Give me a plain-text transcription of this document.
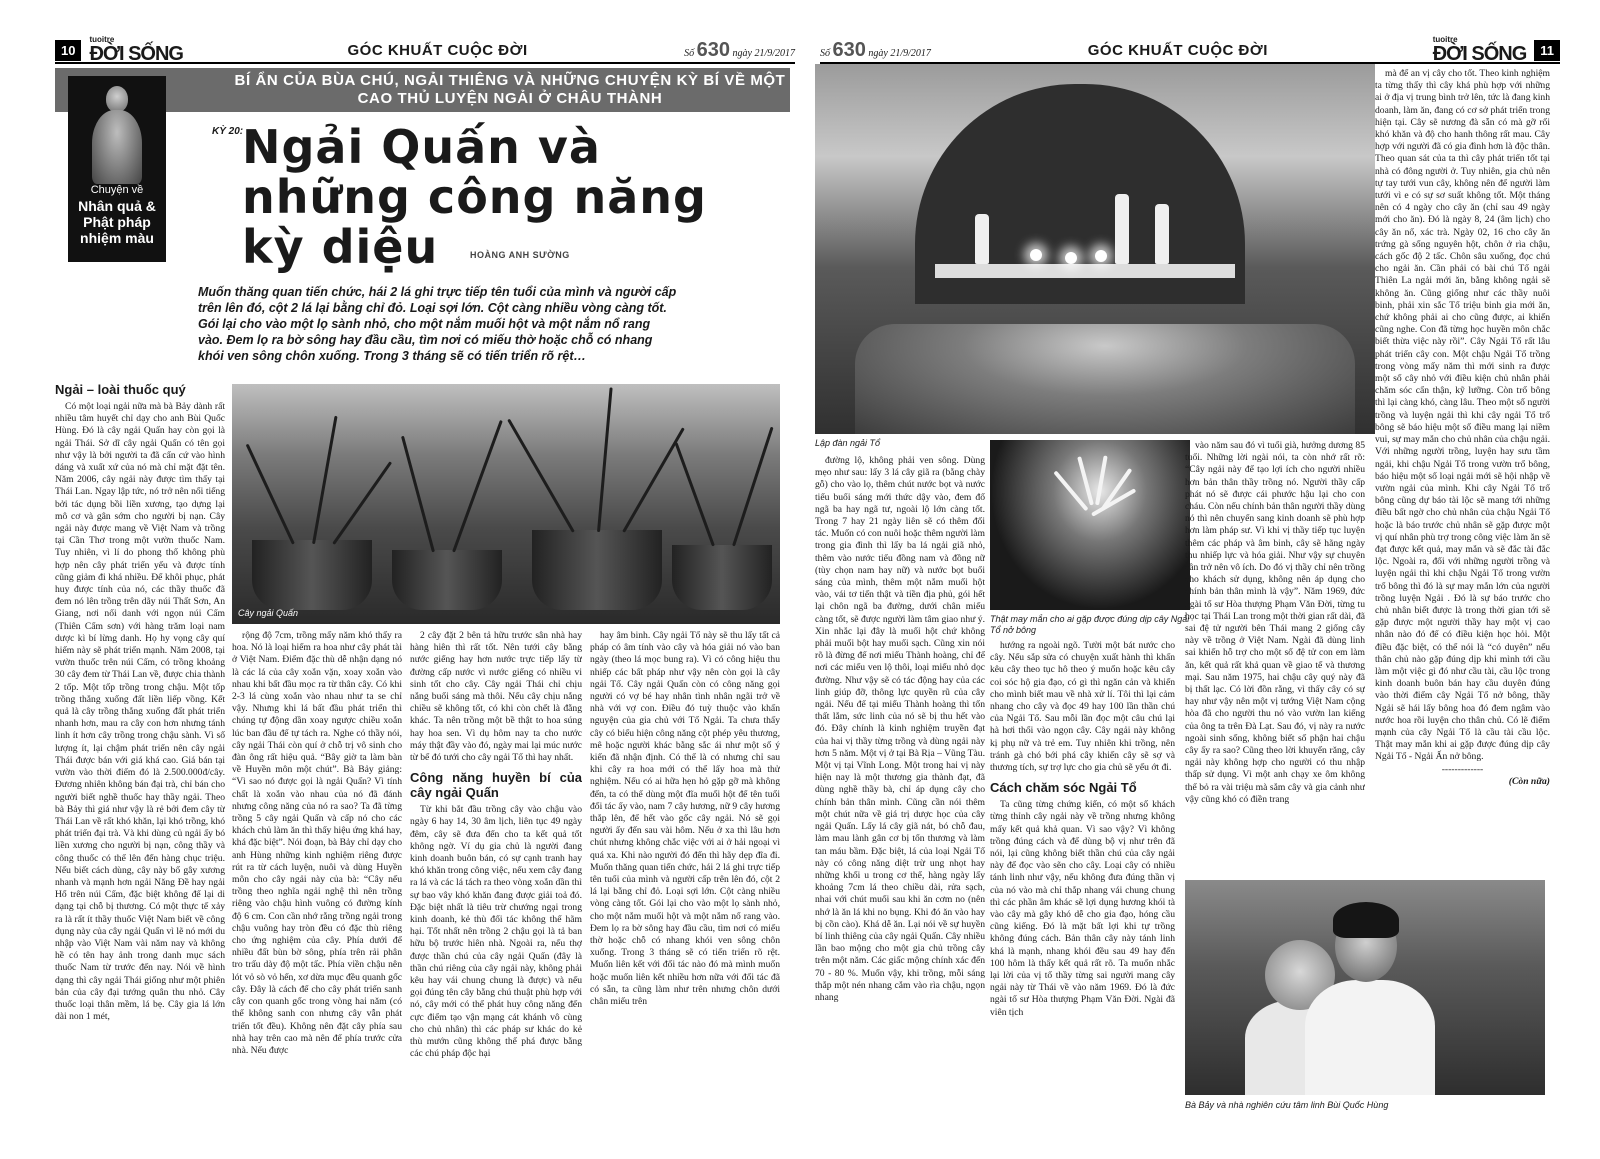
10
tuoitre
ĐỜI SỐNG	GÓC KHUẤT CUỘC ĐỜI	Số 630 ngày 21/9/2017
BÍ ẨN CỦA BÙA CHÚ, NGẢI THIÊNG VÀ NHỮNG CHUYỆN KỲ BÍ VỀ MỘT CAO THỦ LUYỆN NGẢI Ở CHÂU THÀNH
Chuyện về
Nhân quả & Phật pháp nhiệm màu
KỲ 20:
Ngải Quấn và những công năng kỳ diệu	HOÀNG ANH SƯỜNG

Muốn thăng quan tiến chức, hái 2 lá ghi trực tiếp tên tuổi của mình và người cấp trên lên đó, cột 2 lá lại bằng chỉ đỏ. Loại sợi lớn. Cột càng nhiều vòng càng tốt. Gói lại cho vào một lọ sành nhỏ, cho một nắm muối hột và một nắm nổ rang vào. Đem lọ ra bờ sông hay đầu cầu, tìm nơi có miếu thờ hoặc chỗ có nhang khói ven sông chôn xuống. Trong 3 tháng sẽ có tiến triển rõ rệt…

Ngải – loài thuốc quý

Có một loại ngải nữa mà bà Bảy dành rất nhiều tâm huyết chỉ dạy cho anh Bùi Quốc Hùng. Đó là cây ngải Quấn hay còn gọi là ngải Thái. Sở dĩ cây ngải Quấn có tên gọi như vậy là bởi người ta đã cẩn cứ vào hình dáng và xuất xứ của nó mà chỉ mặt đặt tên. Năm 2006, cây ngải này được tìm thấy tại Thái Lan. Ngay lập tức, nó trở nên nổi tiếng bởi tác dụng bồi liền xương, tạo dựng lại mô cơ và gân sớm cho người bị nạn. Cây ngải này được mang về Việt Nam và trồng tại Cần Thơ trong một vườn thuốc Nam. Tuy nhiên, vì lí do phong thổ không phù hợp nên cây phát triển yếu và được tính cũng giảm đi khá nhiều. Để khôi phục, phát huy được tính của nó, các thầy thuốc đã đem nó lên trồng trên dãy núi Thất Sơn, An Giang, nơi nổi danh với ngọn núi Cấm (Thiên Cẩm sơn) với hàng trăm loại nam dược kì bí lừng danh. Họ hy vọng cây quí hiếm này sẽ phát triển mạnh. Năm 2008, tại vườn thuốc trên núi Cấm, có trồng khoảng 30 cây đem từ Thái Lan về, được chia thành 2 tốp. Một tốp trồng trong chậu. Một tốp trồng thẳng xuống đất liền liếp vồng. Kết quả là cây trồng thẳng xuống đất phát triển nhanh hơn, mau ra cây con hơn nhưng tánh linh ít hơn cây trồng trong chậu sành. Vì số lượng ít, lại chậm phát triển nên cây ngải Thái được bán với giá khá cao. Giá bán tại vườn vào thời điểm đó là 2.500.000đ/cây. Đương nhiên không bán đại trà, chỉ bán cho người biết nghề thuốc hay thầy ngải. Theo bà Bảy thì giá như vậy là rẻ bởi đem cây từ Thái Lan về rất khó khăn, lại khó trồng, khó phát triển đại trà. Và khi dùng củ ngải ấy bó liền xương cho người bị nạn, công thầy và công thuốc có thể lên đến hàng chục triệu. Nếu biết cách dùng, cây này bổ gây xương nhanh và mạnh hơn ngải Năng Đề hay ngải Hổ trên núi Cấm, đặc biệt không để lại di dạng tại chỗ bị thương. Có một thực tế xảy ra là rất ít thầy thuốc Việt Nam biết về công dụng này của cây ngải Quấn vì lẽ nó mới du nhập vào Việt Nam vài năm nay và không hề có tên hay ảnh trong danh mục sách thuốc Nam từ trước đến nay. Nói về hình dạng thì cây ngải Thái giống như một phiên bản của cây đại tướng quân thu nhỏ. Cây thuốc loại thân mềm, lá bẹ. Cây gia lá lớn dài non 1 mét,

Cây ngải Quấn

rộng độ 7cm, trồng mấy năm khó thấy ra hoa. Nó là loại hiếm ra hoa như cây phát tài ở Việt Nam. Điểm đặc thù dễ nhận dạng nó là các lá của cây xoắn vặn, xoay xoắn vào nhau khi bất đầu mọc ra từ thân cây. Có khi 2-3 lá cùng xoắn vào nhau như ta se chỉ vậy. Nhưng khi lá bất đầu phát triển thì chúng tự động dần xoay ngược chiều xoắn lúc ban đầu để tự tách ra. Nghe có thầy nói, cây ngải Thái còn quí ở chỗ trị vô sinh cho đàn ông rất hiệu quả. “Bây giờ ta làm bàn về Huyền môn một chút”. Bà Bảy giảng: “Vì sao nó được gọi là ngải Quấn? Vì tính chất là xoắn vào nhau của nó đã đánh nhưng công năng của nó ra sao? Ta đã từng trồng 5 cây ngải Quấn và cấp nó cho các khách chủ làm ăn thì thấy hiệu ứng khá hay, khá đặc biệt”. Nói đoạn, bà Bảy chỉ dạy cho anh Hùng những kinh nghiệm riêng được rút ra từ cách luyện, nuôi và dùng Huyền môn cho cây ngải này của bà: “Cây nếu trồng theo nghĩa ngải nghệ thì nên trồng riêng vào chậu hình vuông có đường kính độ 6 cm. Con cần nhớ rằng trồng ngải trong chậu vuông hay tròn đều có đặc thù riêng cho ứng nghiệm của cây. Phía dưới để nhiều đất bùn bờ sông, phía trên rải phân tro trấu dày độ một tấc. Phía viền chậu nên lót vỏ sò vỏ hến, xơ dừa mục đều quanh gốc cây. Đây là cách để cho cây phát triển sanh cây con quanh gốc trong vòng hai năm (có thể không sanh con nhưng cây vẫn phát triển tốt đều). Không nên đặt cây phía sau nhà hay trên cao mà nên để phía trước cửa nhà. Nếu được

2 cây đặt 2 bên tả hữu trước sân nhà hay hàng hiên thì rất tốt. Nên tưới cây bằng nước giếng hay hơn nước trực tiếp lấy từ đường cấp nước vì nước giếng có nhiều vi sinh tốt cho cây. Cây ngải Thái chỉ chịu nắng buổi sáng mà thôi. Nếu cây chịu nắng chiều sẽ không tốt, có khi còn chết là đằng khác. Ta nên trồng một bề thật to hoa súng hay hoa sen. Vì dụ hôm nay ta cho nước máy thật đầy vào đó, ngày mai lại múc nước từ bể đó tưới cho cây ngải Tổ thì hay nhất.

Công năng huyền bí của cây ngải Quấn

Từ khi bắt đầu trồng cây vào chậu vào ngày 6 hay 14, 30 âm lịch, liên tục 49 ngày đêm, cây sẽ đưa đến cho ta kết quả tốt không ngờ. Ví dụ gia chủ là người đang kinh doanh buôn bán, có sự cạnh tranh hay khó khăn trong công việc, nếu xem cây đang ra lá và các lá tách ra theo vòng xoắn dần thì sự bao vây khó khăn đang được giải toả đó. Đặc biệt nhất là tiêu trừ chướng ngại trong kinh doanh, kẻ thù đối tác không thể hãm hại. Tốt nhất nên trồng 2 chậu gọi là tả ban hữu bộ trước hiên nhà. Ngoài ra, nếu thợ được thần chú của cây ngải Quấn (đây là thần chú riêng của cây ngải này, không phải kêu hay vái chung chung là được) và nếu gọi đúng tên cây bằng chú thuật phù hợp với nó, cây mới có thể phát huy công năng đến cực điểm tạo vận mạng cát khánh vô cùng cho chủ nhân) thì các pháp sư khác do kẻ thù mướn cũng không thể phá được bằng các chú pháp độc hại

hay âm binh. Cây ngải Tổ này sẽ thu lấy tất cả pháp có âm tính vào cây và hóa giải nó vào ban ngày (theo lá mọc bung ra). Vì có công hiệu thu nhiếp các bất pháp như vậy nên còn gọi là cây ngải Tổ. Cây ngải Quấn còn có công năng gọi người có vợ bé hay nhân tình nhân ngãi trở về nhà với vợ con. Điều đó tuỳ thuộc vào khấn nguyện của gia chủ với Tổ Ngải. Ta chưa thấy cây có biểu hiện công năng cột phép yêu thương, mê hoặc người khác bằng sắc ái như một số ý kiến đã nhận định. Có thể là có nhưng chỉ sau khi cây ra hoa mới có thể lấy hoa mà thử nghiệm. Nếu có ai hữa hẹn hỏ gặp gỡ mà không đến, ta có thể dùng một đĩa muối hột để tên tuổi đối tác ấy vào, nam 7 cây hương, nữ 9 cây hương thắp lên, để hết vào gốc cây ngải. Nó sẽ gọi người ấy đến sau vài hôm. Nếu ở xa thì lâu hơn chút nhưng không chắc việc với ai ở hải ngoại vì quá xa. Khi nào người đó đến thì hãy dẹp đĩa đi. Muốn thăng quan tiến chức, hái 2 lá ghi trực tiếp tên tuổi của mình và người cấp trên lên đó, cột 2 lá lại bằng chỉ đỏ. Loại sợi lớn. Cột càng nhiều vòng càng tốt. Gói lại cho vào một lọ sành nhỏ, cho một nắm muối hột và một nắm nổ rang vào. Đem lọ ra bờ sông hay đầu cầu, tìm nơi có miếu thờ hoặc chỗ có nhang khói ven sông chôn xuống. Trong 3 tháng sẽ có tiến triển rõ rệt. Muốn liên kết với đối tác nào đó mà mình muốn hoặc muốn liên kết nhiều hơn nữa với đối tác đã có sẵn, ta cũng làm như trên nhưng chôn dưới chân miếu trên

Số 630 ngày 21/9/2017	GÓC KHUẤT CUỘC ĐỜI
tuoitre
ĐỜI SỐNG	11
Lập đàn ngải Tổ
Thật may mắn cho ai gặp được đúng dịp cây Ngải Tổ nở bông

đường lộ, không phải ven sông. Dùng mẹo như sau: lấy 3 lá cây giã ra (bằng chày gỗ) cho vào lọ, thêm chút nước bọt và nước tiểu buổi sáng mới thức dậy vào, đem đổ ngã ba hay ngã tư, ngoài lộ lớn càng tốt. Trong 7 hay 21 ngày liên sẽ có thêm đối tác. Muốn có con nuôi hoặc thêm người làm trong gia đình thì lấy ba lá ngải giã nhỏ, thêm vào nước tiểu đồng nam và đồng nữ (tùy chọn nam hay nữ) và nước bọt buổi sáng của mình, thêm một nắm muối hột vào, vái tơ tiến thật và tiền địa phủ, gói hết lại chôn ngã ba đường, dưới chân miếu càng tốt, sẽ được người làm tâm giao như ý. Xin nhắc lại đây là muối hột chứ không phải muối bột hay muối sạch. Cũng xin nói rõ là đừng để nơi miếu Thành hoàng, chỉ để nơi các miếu ven lộ thôi, loại miếu nhỏ dọc đường. Như vậy sẽ có tác động hay của các linh giúp đỡ, thông lực quyền rũ của cây ngải. Nếu để tại miếu Thành hoàng thì tốn thất lắm, sức linh của nó sẽ bị thu hết vào đó. Đây chính là kinh nghiệm truyền đạt của hai vị thầy từng trồng và dùng ngải này hơn 5 năm. Một vị ở tại Bà Rịa – Vũng Tàu. Một vị tại Vĩnh Long. Một trong hai vị này hiện nay là một thương gia thành đạt, đã dùng nghề thầy bà, chỉ áp dụng cây cho chính bản thân mình. Cũng cần nói thêm một chút nữa về giá trị dược học của cây ngải Quấn. Lấy lá cây giã nát, bó chỗ đau, làm mau lành gân cơ bị tổn thương và làm tan máu bầm. Đặc biệt, lá của loại Ngải Tổ này có công năng diệt trừ ung nhọt hay những khối u trong cơ thể, hàng ngày lấy khoảng 7cm lá theo chiều dài, rửa sạch, nhai với chút muối sau khi ăn cơm no (nên nhớ là ăn lá khi no bụng. Khi đó ăn vào hay bị cồn cào). Khá dễ ăn. Lại nói về sự huyền bí linh thiêng của cây ngải Quấn. Cây nhiều lần bao mộng cho một gia chủ trồng cây trên một năm. Các giấc mộng chính xác đến 70 - 80 %. Muốn vậy, khi trồng, mỗi sáng thắp một nén nhang cắm vào rìa chậu, ngọn nhang

hướng ra ngoài ngõ. Tười một bát nước cho cây. Nếu sắp sửa có chuyện xuất hành thì khấn kêu cây theo tục hô theo ý muốn hoặc kêu cây coi sóc hộ gia đạo, có gì thì ngăn cản và khiến cho mình biết mau về nhà xử lí. Tôi thì lại cảm nhang cho cây và đọc 49 hay 100 lần thần chú của Ngải Tổ. Sau mỗi lần đọc một câu chú lại hà hơi thổi vào ngọn cây. Cây ngải này không kị phụ nữ và trẻ em. Tuy nhiên khi trồng, nên tránh gà chó bới phá cây khiến cây sẽ sợ và thương tích, sự trợ lực cho gia chủ sẽ yếu ớt đi.

Cách chăm sóc Ngải Tổ

Ta cũng từng chứng kiến, có một số khách từng thỉnh cây ngải này về trồng nhưng không mấy kết quả khả quan. Vì sao vậy? Vì không trồng đúng cách và để dùng bộ vị như trên đã nói, lại cũng không biết thần chú của cây ngải này để đọc vào sẽn cho cây. Loại cây có nhiều tánh linh như vậy, nếu không đưa đúng thần vị của nó vào mà chỉ thắp nhang vái chung chung thì các phần âm khác sẽ lợi dụng hương khói tà vào cây mà gây khó dễ cho gia đạo, hóng cầu cũng kiếng. Đó là mặt bất lợi khi tự trồng không đúng cách. Bản thân cây này tánh linh khá là mạnh, nhang khói đều sau 49 hay đến 100 hôm là thấy kết quả rất rõ. Ta muốn nhắc lại lời của vị tổ thầy từng sai người mang cây ngải này từ Thái về vào năm 1969. Đó là đức ngài tổ sư Hòa thượng Phạm Văn Đời. Ngài đã viên tịch

vào năm sau đó vì tuổi già, hưởng dương 85 tuổi. Những lời ngài nói, ta còn nhớ rất rõ: “Cây ngải này để tạo lợi ích cho người nhiều hơn bản thân thầy trồng nó. Người thầy cấp phát nó sẽ được cái phước hậu lại cho con cháu. Còn nếu chính bản thân người thầy dùng nó thì nên chuyển sang kinh doanh sẽ phù hợp hơn làm pháp sư. Vì khi vị thầy tiếp tục luyện thêm các pháp và âm binh, cây sẽ hãng ngày thu nhiếp lực và hóa giải. Như vậy sự chuyên cần trở nên vô ích. Do đó vị thầy chỉ nên trồng cho khách sử dụng, không nên áp dụng cho chính bản thân mình là vậy”. Năm 1969, đức ngài tổ sư Hòa thượng Phạm Văn Đời, từng tu học tại Thái Lan trong một thời gian rất dài, đã sai đệ tử người bên Thái mang 2 giống cây này về trồng ở Việt Nam. Ngài đã dùng linh sai khiến hỗ trợ cho một số đệ tử con em làm ăn, kết quả rất khả quan về giao tế và thương mại. Sau năm 1975, hai chậu cây quý này đã bị thất lạc. Có lời đồn rằng, vì thấy cây có sự hay như vậy nên một vị tướng Việt Nam cộng hòa đã cho người thu nó vào vườn lan kiểng của ông ta trên Đà Lạt. Sau đó, vị này ra nước ngoài sinh sống, không biết số phận hai chậu cây ấy ra sao? Cũng theo lời khuyến răng, cây ngải này không hợp cho người có thu nhập thấp sử dụng. Vì một anh chạy xe ôm không thể bỏ ra vài triệu mà sắm cây và gia cảnh như vậy cũng khó có điền trang

mà để an vị cây cho tốt. Theo kinh nghiệm ta từng thấy thì cây khá phù hợp với những ai ở địa vị trung bình trở lên, tức là đang kinh doanh, làm ăn, đang có cơ sở phát triển trong hiện tại. Cây sẽ nương đà sẵn có mà gỡ rối khó khăn và độ cho hanh thông rất mau. Cây hợp với người đã có gia đình hơn là độc thân. Theo quan sát của ta thì cây phát triển tốt tại nhà có đông người ở. Tuy nhiên, gia chủ nên tự tay tưới vun cây, không nên để người làm tưới vì e có sự sơ suất không tốt. Một tháng nên có 4 ngày cho cây ăn (chỉ sau 49 ngày mới cho ăn). Đó là ngày 8, 24 (âm lịch) cho cây ăn nổ, xác trà. Ngày 02, 16 cho cây ăn trứng gà sống nguyên hột, chôn ở rìa chậu, cách gốc độ 2 tấc. Chôn sâu xuống, đọc chú cho ngải ăn. Cần phải có bài chú Tổ ngải Thiên La ngải mới ăn, bằng không ngải sẽ không ăn. Cũng giống như các thầy nuôi binh, phải xin sắc Tổ triệu binh gia mới ăn, chứ không phải ai cho cũng được, ai khiến cũng nghe. Con đã từng học huyền môn chắc biết thừa việc này rồi”. Cây Ngải Tổ rất lâu phát triển cây con. Một chậu Ngải Tổ trồng trong vòng mấy năm thì mới sinh ra được một số cây nhỏ với điều kiện chủ nhân phải chăm sóc cẩn thận, kỹ lưỡng. Còn trổ bông thì lại càng khó, càng lâu. Theo một số người trồng và luyện ngải thì khi cây ngải Tổ trổ bông sẽ báo hiệu một số điều mang lại niềm vui, sự may mắn cho chủ nhân của chậu ngải. Với những người trồng, luyện hay sưu tầm ngải, khi chậu Ngải Tổ trong vườn trổ bông, báo hiệu một số loại ngải mới sẽ hội nhập về vườn ngải của mình. Khi cây Ngải Tổ trổ bông cũng dự báo tài lộc sẽ mang tới những điều bất ngờ cho chủ nhân của chậu Ngải Tổ hoặc là báo trước chủ nhân sẽ gặp được một vị quí nhân phù trợ trong công việc làm ăn sẽ đạt được kết quả, may mắn và sẽ đắc tài đắc lộc. Ngoài ra, đối với những người trồng và luyện ngải thì khi chậu Ngải Tổ trong vườn trổ bông thì đó là sự may mắn lớn của người trồng luyện Ngải . Đó là sự báo trước cho chủ nhân biết được là trong thời gian tới sẽ gặp được một người thầy hay một vị cao nhân nào đó để có điều kiện học hỏi. Một điều đặc biệt, có thể nói là “có duyên” nếu thân chủ nào gặp đúng dịp khi mình tới cầu làm một việc gì đó như cầu tài, cầu lộc trong kinh doanh buôn bán hay cầu duyên đúng vào thời điểm cây Ngải Tổ nở bông, thầy Ngải sẽ hái lấy bông hoa đó đem ngâm vào nước hoa rồi luyện cho thân chủ. Có lẽ điểm mạnh của cây Ngải Tổ là cầu tài cầu lộc. Thật may mắn khi ai gặp được đúng dịp cây Ngải Tổ - Ngải Ấn nở bông.

-------------
(Còn nữa)
Bà Bảy và nhà nghiên cứu tâm linh Bùi Quốc Hùng
